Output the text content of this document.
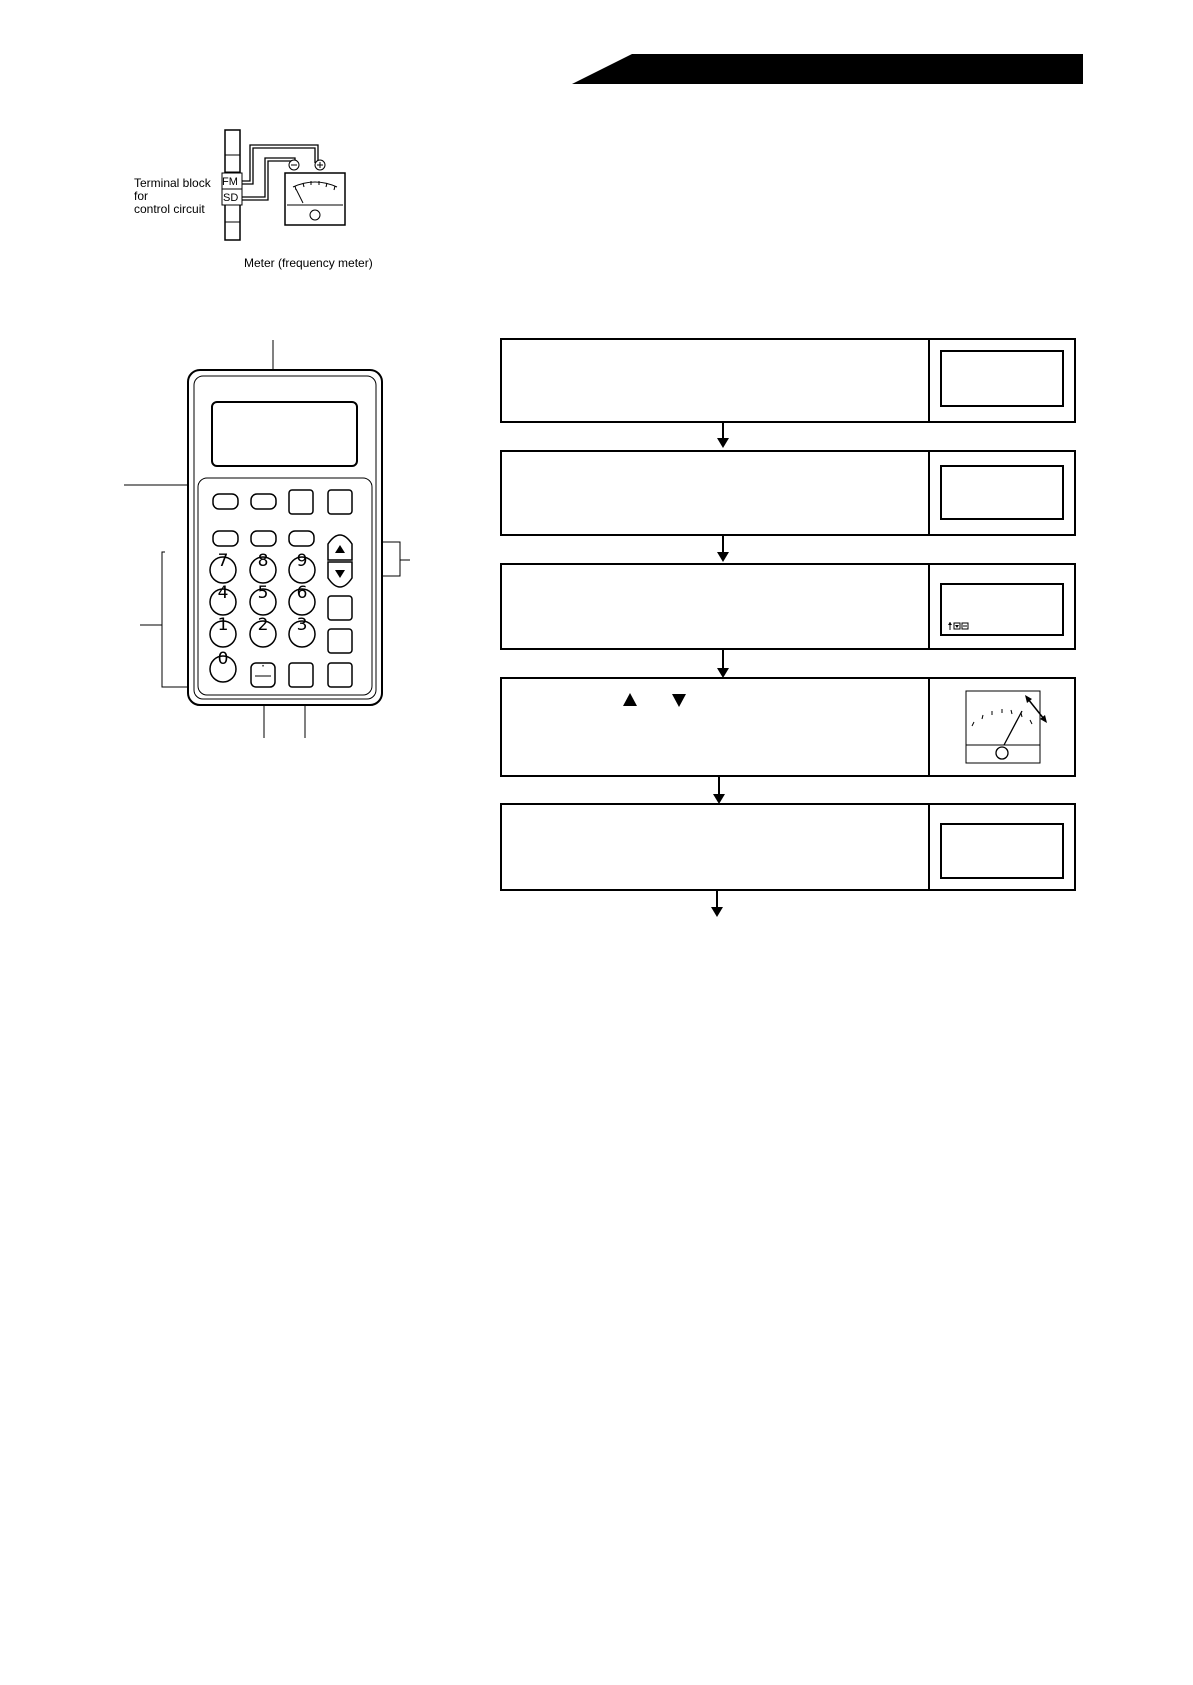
Terminal block
for
control circuit
FM
SD
Meter (frequency meter)
7 8 9
4 5 6
1 2 3
0	·
